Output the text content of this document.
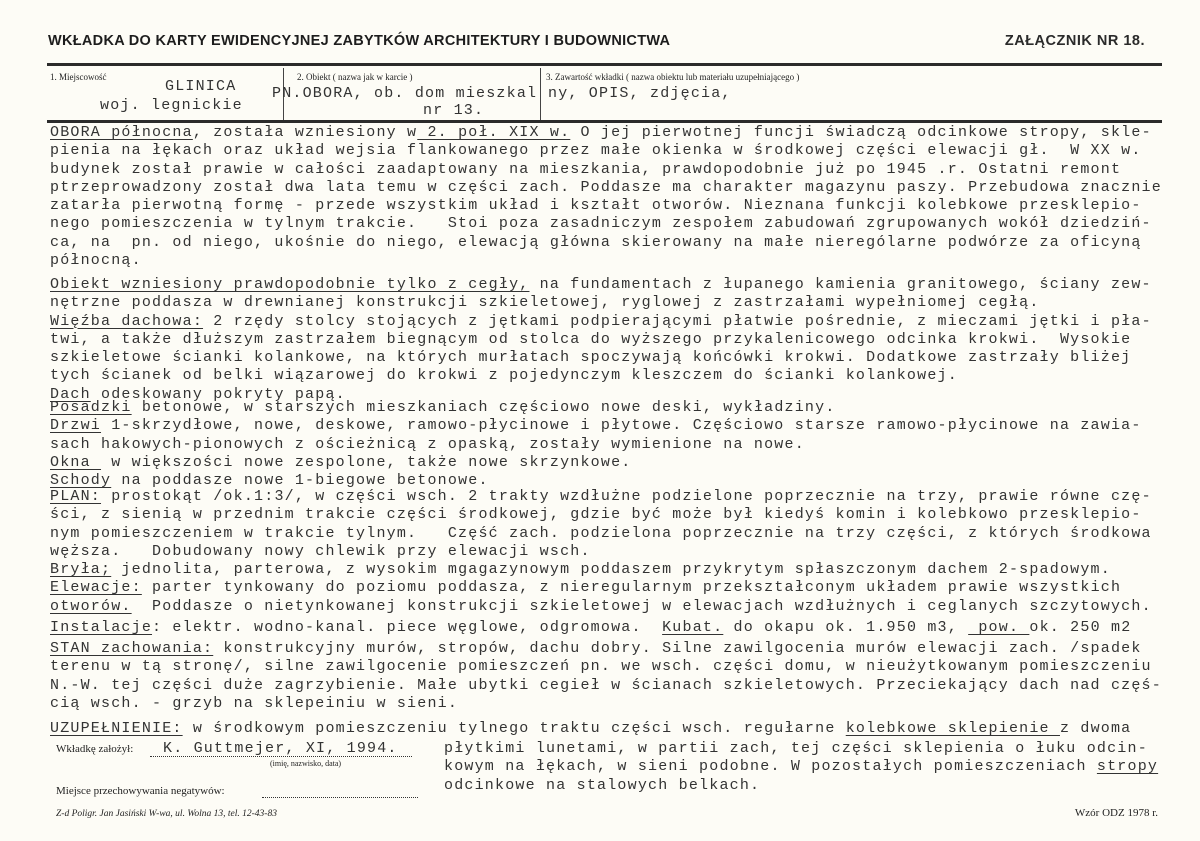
WKŁADKA DO KARTY EWIDENCYJNEJ ZABYTKÓW ARCHITEKTURY I BUDOWNICTWA	ZAŁĄCZNIK NR 18.
1. Miejscowość
GLINICA
woj. legnickie
2. Obiekt ( nazwa jak w karcie )
PN.OBORA, ob. dom mieszkal
nr 13.
3. Zawartość wkładki ( nazwa obiektu lub materiału uzupełniającego )
ny, OPIS, zdjęcia,
OBORA północna, została wzniesiony w 2. poł. XIX w. O jej pierwotnej funcji świadczą odcinkowe stropy, skle-
pienia na łękach oraz układ wejsia flankowanego przez małe okienka w środkowej części elewacji gł.  W XX w.
budynek został prawie w całości zaadaptowany na mieszkania, prawdopodobnie już po 1945 .r. Ostatni remont
ptrzeprowadzony został dwa lata temu w części zach. Poddasze ma charakter magazynu paszy. Przebudowa znacznie
zatarła pierwotną formę - przede wszystkim układ i kształt otworów. Nieznana funkcji kolebkowe przesklepio-
nego pomieszczenia w tylnym trakcie.   Stoi poza zasadniczym zespołem zabudowań zgrupowanych wokół dziedziń-
ca, na  pn. od niego, ukośnie do niego, elewacją główna skierowany na małe nierególarne podwórze za oficyną
północną.
Obiekt wzniesiony prawdopodobnie tylko z cegły, na fundamentach z łupanego kamienia granitowego, ściany zew-
nętrzne poddasza w drewnianej konstrukcji szkieletowej, ryglowej z zastrzałami wypełniomej cegłą.
Więźba dachowa: 2 rzędy stolcy stojących z jętkami podpierającymi płatwie pośrednie, z mieczami jętki i pła-
twi, a także dłuższym zastrzałem biegnącym od stolca do wyższego przykalenicowego odcinka krokwi.  Wysokie
szkieletowe ścianki kolankowe, na których murłatach spoczywają końcówki krokwi. Dodatkowe zastrzały bliżej
tych ścianek od belki wiązarowej do krokwi z pojedynczym kleszczem do ścianki kolankowej.
Dach odeskowany pokryty papą.
Posadzki betonowe, w starszych mieszkaniach częściowo nowe deski, wykładziny.
Drzwi 1-skrzydłowe, nowe, deskowe, ramowo-płycinowe i płytowe. Częściowo starsze ramowo-płycinowe na zawia-
sach hakowych-pionowych z ościeżnicą z opaską, zostały wymienione na nowe.
Okna  w większości nowe zespolone, także nowe skrzynkowe.
Schody na poddasze nowe 1-biegowe betonowe.
PLAN: prostokąt /ok.1:3/, w części wsch. 2 trakty wzdłużne podzielone poprzecznie na trzy, prawie równe czę-
ści, z sienią w przednim trakcie części środkowej, gdzie być może był kiedyś komin i kolebkowo przesklepio-
nym pomieszczeniem w trakcie tylnym.   Część zach. podzielona poprzecznie na trzy części, z których środkowa
węższa.   Dobudowany nowy chlewik przy elewacji wsch.
Bryła; jednolita, parterowa, z wysokim mgagazynowym poddaszem przykrytym spłaszczonym dachem 2-spadowym.
Elewacje: parter tynkowany do poziomu poddasza, z nieregularnym przekształconym układem prawie wszystkich
otworów.  Poddasze o nietynkowanej konstrukcji szkieletowej w elewacjach wzdłużnych i ceglanych szczytowych.
Instalacje: elektr. wodno-kanal. piece węglowe, odgromowa.  Kubat. do okapu ok. 1.950 m3,  pow. ok. 250 m2
STAN zachowania: konstrukcyjny murów, stropów, dachu dobry. Silne zawilgocenia murów elewacji zach. /spadek
terenu w tą stronę/, silne zawilgocenie pomieszczeń pn. we wsch. części domu, w nieużytkowanym pomieszczeniu
N.-W. tej części duże zagrzybienie. Małe ubytki cegieł w ścianach szkieletowych. Przeciekający dach nad częś-
cią wsch. - grzyb na sklepeiniu w sieni.
UZUPEŁNIENIE: w środkowym pomieszczeniu tylnego traktu części wsch. regułarne kolebkowe sklepienie z dwoma
płytkimi lunetami, w partii zach, tej części sklepienia o łuku odcin-
kowym na łękach, w sieni podobne. W pozostałych pomieszczeniach stropy
odcinkowe na stalowych belkach.
Wkładkę założył: K. Guttmejer, XI, 1994.
(imię, nazwisko, data)
Miejsce przechowywania negatywów:
Z-d Poligr. Jan Jasiński W-wa, ul. Wolna 13, tel. 12-43-83	Wzór ODZ 1978 r.
